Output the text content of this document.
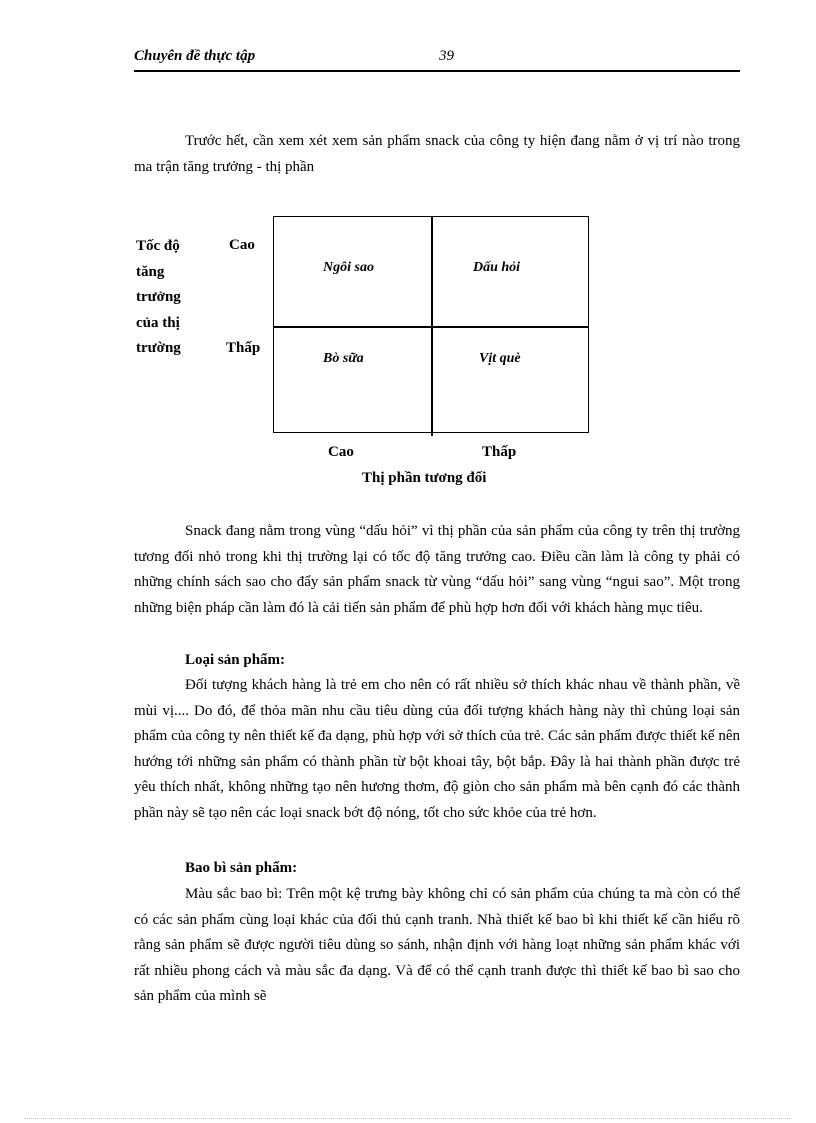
Chuyên đề thực tập	39

Trước hết, cần xem xét xem sản phẩm snack của công ty hiện đang nằm ở vị trí nào trong ma trận tăng trưởng - thị phần

Tốc độ
tăng
trưởng
của thị
trường
Cao
Thấp
Ngôi sao	Dấu hỏi
Bò sữa	Vịt què
Cao	Thấp
Thị phần tương đối

Snack đang nằm trong vùng “dấu hỏi” vì thị phần của sản phẩm của công ty trên thị trường tương đối nhỏ trong khi thị trường lại có tốc độ tăng trưởng cao. Điều cần làm là công ty phải có những chính sách sao cho đẩy sản phẩm snack từ vùng “dấu hỏi” sang vùng “ngui sao”. Một trong những biện pháp cần làm đó là cải tiến sản phẩm để phù hợp hơn đối với khách hàng mục tiêu.

Loại sản phẩm:

Đối tượng khách hàng là trẻ em cho nên có rất nhiều sở thích khác nhau về thành phần, về mùi vị.... Do đó, để thỏa mãn nhu cầu tiêu dùng của đối tượng khách hàng này thì chủng loại sản phẩm của công ty nên thiết kế đa dạng, phù hợp với sở thích của trẻ. Các sản phẩm được thiết kế nên hướng tới những sản phẩm có thành phần từ bột khoai tây, bột bắp. Đây là hai thành phần được trẻ yêu thích nhất, không những tạo nên hương thơm, độ giòn cho sản phẩm mà bên cạnh đó các thành phần này sẽ tạo nên các loại snack bớt độ nóng, tốt cho sức khỏe của trẻ hơn.

Bao bì sản phẩm:

Màu sắc bao bì: Trên một kệ trưng bày không chỉ có sản phẩm của chúng ta mà còn có thể có các sản phẩm cùng loại khác của đối thủ cạnh tranh. Nhà thiết kế bao bì khi thiết kế cần hiểu rõ rằng sản phẩm sẽ được người tiêu dùng so sánh, nhận định với hàng loạt những sản phẩm khác với rất nhiều phong cách và màu sắc đa dạng. Và để có thể cạnh tranh được thì thiết kế bao bì sao cho sản phẩm của mình sẽ
